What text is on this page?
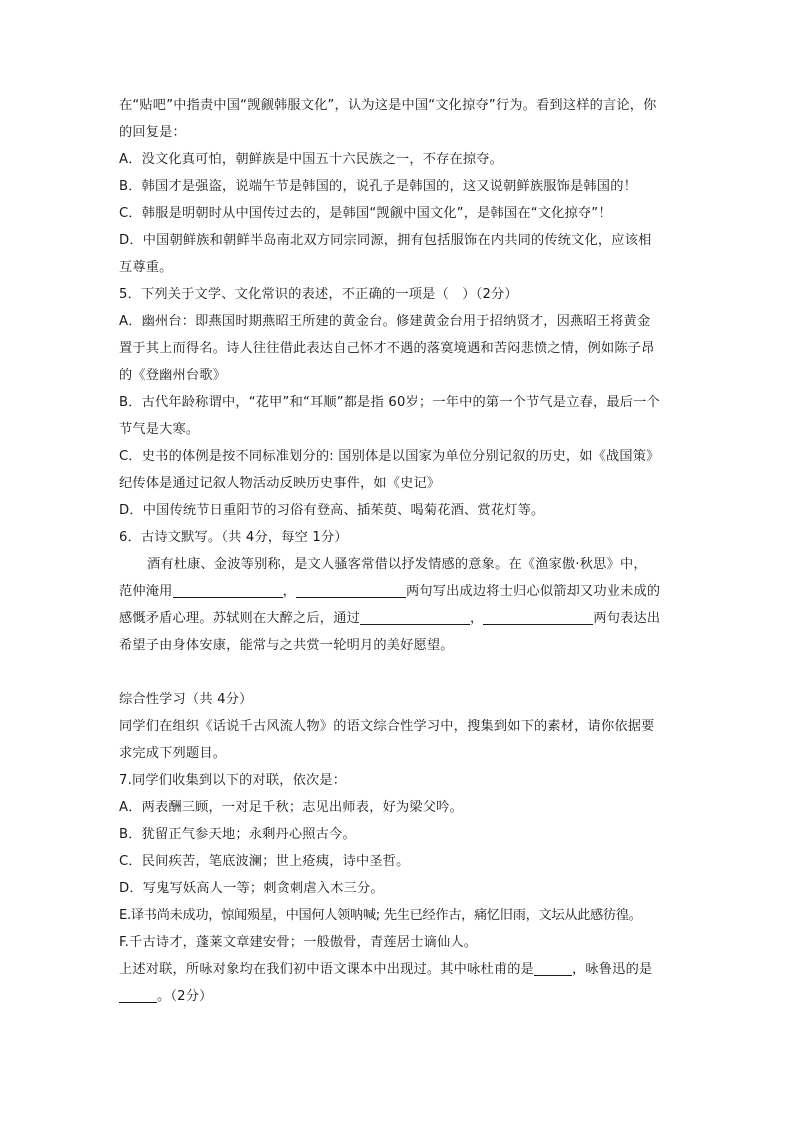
在“贴吧”中指责中国“觊觎韩服文化”，认为这是中国“文化掠夺”行为。看到这样的言论，你
的回复是：
A．没文化真可怕，朝鲜族是中国五十六民族之一，不存在掠夺。
B．韩国才是强盗，说端午节是韩国的，说孔子是韩国的，这又说朝鲜族服饰是韩国的！
C．韩服是明朝时从中国传过去的，是韩国“觊觎中国文化”，是韩国在“文化掠夺”！
D．中国朝鲜族和朝鲜半岛南北双方同宗同源，拥有包括服饰在内共同的传统文化，应该相
互尊重。
5．下列关于文学、文化常识的表述，不正确的一项是（　）（2分）
A．幽州台：即燕国时期燕昭王所建的黄金台。修建黄金台用于招纳贤才，因燕昭王将黄金
置于其上而得名。诗人往往借此表达自己怀才不遇的落寞境遇和苦闷悲愤之情，例如陈子昂
的《登幽州台歌》
B．古代年龄称谓中，“花甲”和“耳顺”都是指 60岁；一年中的第一个节气是立春，最后一个
节气是大寒。
C．史书的体例是按不同标准划分的: 国别体是以国家为单位分别记叙的历史，如《战国策》
纪传体是通过记叙人物活动反映历史事件，如《史记》
D．中国传统节日重阳节的习俗有登高、插茱萸、喝菊花酒、赏花灯等。
6．古诗文默写。（共 4分，每空 1分）
酒有杜康、金波等别称，是文人骚客常借以抒发情感的意象。在《渔家傲·秋思》中，
范仲淹用	，	两句写出成边将士归心似箭却又功业未成的
感慨矛盾心理。苏轼则在大醉之后，通过	，	两句表达出
希望子由身体安康，能常与之共赏一轮明月的美好愿望。
综合性学习（共 4分）
同学们在组织《话说千古风流人物》的语文综合性学习中，搜集到如下的素材，请你依据要
求完成下列题目。
7.同学们收集到以下的对联，依次是：
A．两表酬三顾，一对足千秋；志见出师表，好为梁父吟。
B．犹留正气参天地；永剩丹心照古今。
C．民间疾苦，笔底波澜；世上疮痍，诗中圣哲。
D．写鬼写妖高人一等；刺贪刺虐入木三分。
E.译书尚未成功，惊闻殒星，中国何人领呐喊; 先生已经作古，痛忆旧雨，文坛从此感彷徨。
F.千古诗才，蓬莱文章建安骨；一般傲骨，青莲居士谪仙人。
上述对联，所咏对象均在我们初中语文课本中出现过。其中咏杜甫的是	，咏鲁迅的是
。（2分）
